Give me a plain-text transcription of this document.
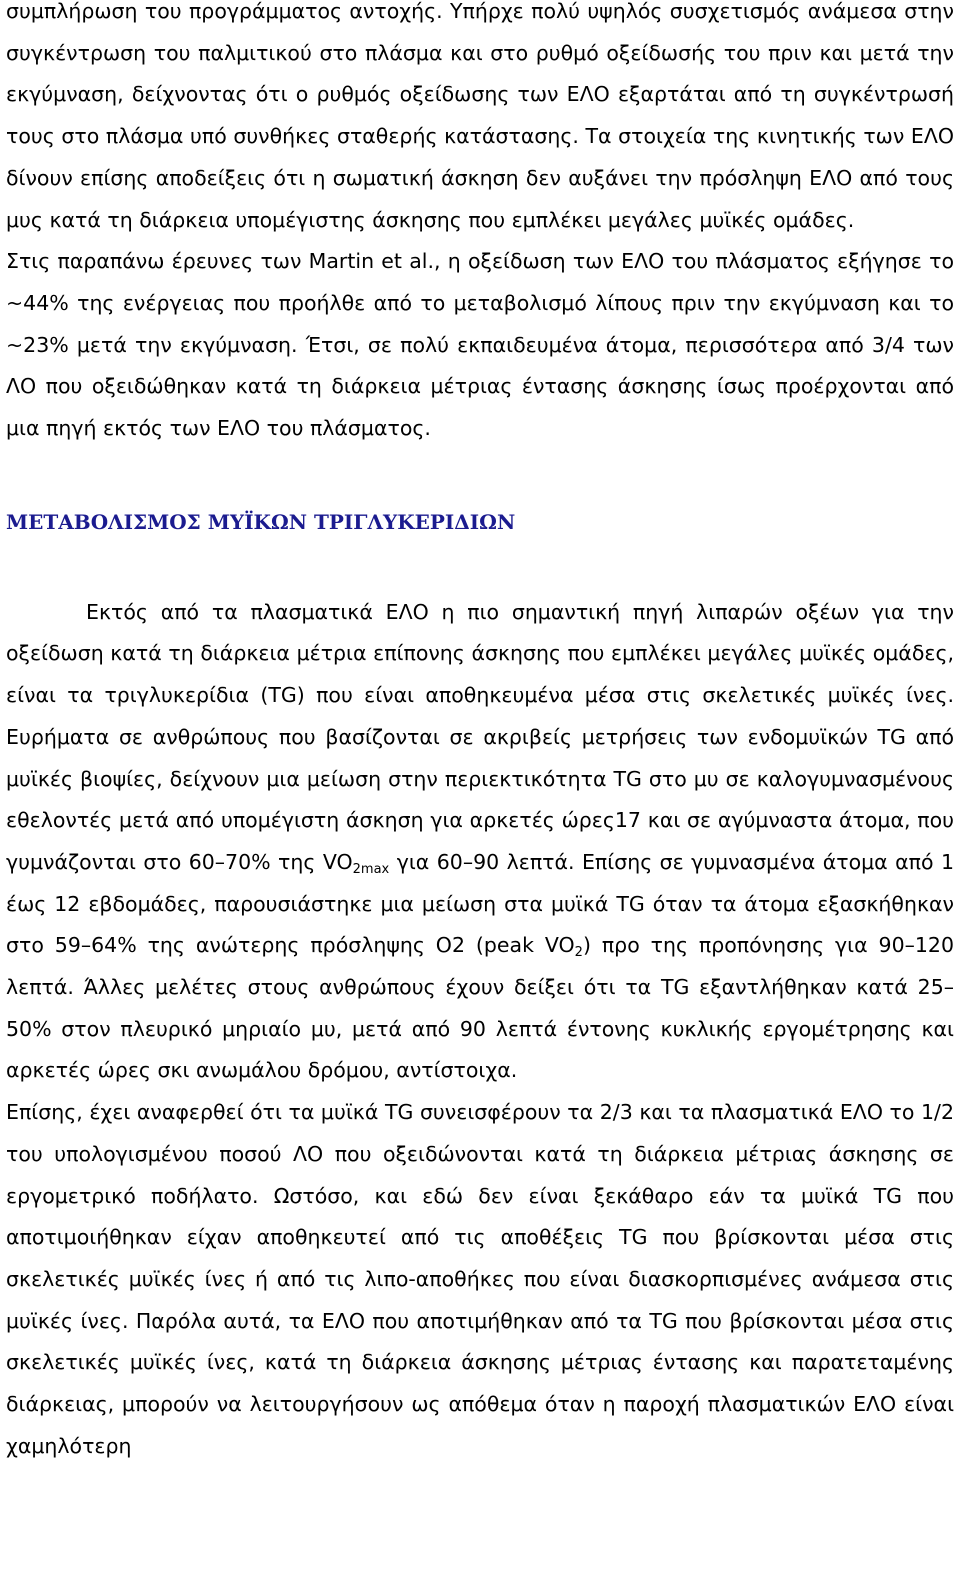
συμπλήρωση του προγράμματος αντοχής. Υπήρχε πολύ υψηλός συσχετισμός ανάμεσα στην συγκέντρωση του παλμιτικού στο πλάσμα και στο ρυθμό οξείδωσής του πριν και μετά την εκγύμναση, δείχνοντας ότι ο ρυθμός οξείδωσης των ΕΛΟ εξαρτάται από τη συγκέντρωσή τους στο πλάσμα υπό συνθήκες σταθερής κατάστασης. Τα στοιχεία της κινητικής των ΕΛΟ δίνουν επίσης αποδείξεις ότι η σωματική άσκηση δεν αυξάνει την πρόσληψη ΕΛΟ από τους μυς κατά τη διάρκεια υπομέγιστης άσκησης που εμπλέκει μεγάλες μυϊκές ομάδες.

Στις παραπάνω έρευνες των Martin et al., η οξείδωση των ΕΛΟ του πλάσματος εξήγησε το ~44% της ενέργειας που προήλθε από το μεταβολισμό λίπους πριν την εκγύμναση και το ~23% μετά την εκγύμναση. Έτσι, σε πολύ εκπαιδευμένα άτομα, περισσότερα από 3/4 των ΛΟ που οξειδώθηκαν κατά τη διάρκεια μέτριας έντασης άσκησης ίσως προέρχονται από μια πηγή εκτός των ΕΛΟ του πλάσματος.

ΜΕΤΑΒΟΛΙΣΜΟΣ ΜΥΪΚΩΝ ΤΡΙΓΛΥΚΕΡΙΔΙΩΝ

Εκτός από τα πλασματικά ΕΛΟ η πιο σημαντική πηγή λιπαρών οξέων για την οξείδωση κατά τη διάρκεια μέτρια επίπονης άσκησης που εμπλέκει μεγάλες μυϊκές ομάδες, είναι τα τριγλυκερίδια (TG) που είναι αποθηκευμένα μέσα στις σκελετικές μυϊκές ίνες. Ευρήματα σε ανθρώπους που βασίζονται σε ακριβείς μετρήσεις των ενδομυϊκών TG από μυϊκές βιοψίες, δείχνουν μια μείωση στην περιεκτικότητα TG στο μυ σε καλογυμνασμένους εθελοντές μετά από υπομέγιστη άσκηση για αρκετές ώρες17 και σε αγύμναστα άτομα, που γυμνάζονται στο 60–70% της $VO_{2max}$ για 60–90 λεπτά. Επίσης σε γυμνασμένα άτομα από 1 έως 12 εβδομάδες, παρουσιάστηκε μια μείωση στα μυϊκά TG όταν τα άτομα εξασκήθηκαν στο 59–64% της ανώτερης πρόσληψης Ο2 (peak $VO_2$) προ της προπόνησης για 90–120 λεπτά. Άλλες μελέτες στους ανθρώπους έχουν δείξει ότι τα TG εξαντλήθηκαν κατά 25–50% στον πλευρικό μηριαίο μυ, μετά από 90 λεπτά έντονης κυκλικής εργομέτρησης και αρκετές ώρες σκι ανωμάλου δρόμου, αντίστοιχα.

Επίσης, έχει αναφερθεί ότι τα μυϊκά TG συνεισφέρουν τα 2/3 και τα πλασματικά ΕΛΟ το 1/2 του υπολογισμένου ποσού ΛΟ που οξειδώνονται κατά τη διάρκεια μέτριας άσκησης σε εργομετρικό ποδήλατο. Ωστόσο, και εδώ δεν είναι ξεκάθαρο εάν τα μυϊκά TG που αποτιμοιήθηκαν είχαν αποθηκευτεί από τις αποθέξεις TG που βρίσκονται μέσα στις σκελετικές μυϊκές ίνες ή από τις λιπο-αποθήκες που είναι διασκορπισμένες ανάμεσα στις μυϊκές ίνες. Παρόλα αυτά, τα ΕΛΟ που αποτιμήθηκαν από τα TG που βρίσκονται μέσα στις σκελετικές μυϊκές ίνες, κατά τη διάρκεια άσκησης μέτριας έντασης και παρατεταμένης διάρκειας, μπορούν να λειτουργήσουν ως απόθεμα όταν η παροχή πλασματικών ΕΛΟ είναι χαμηλότερη
